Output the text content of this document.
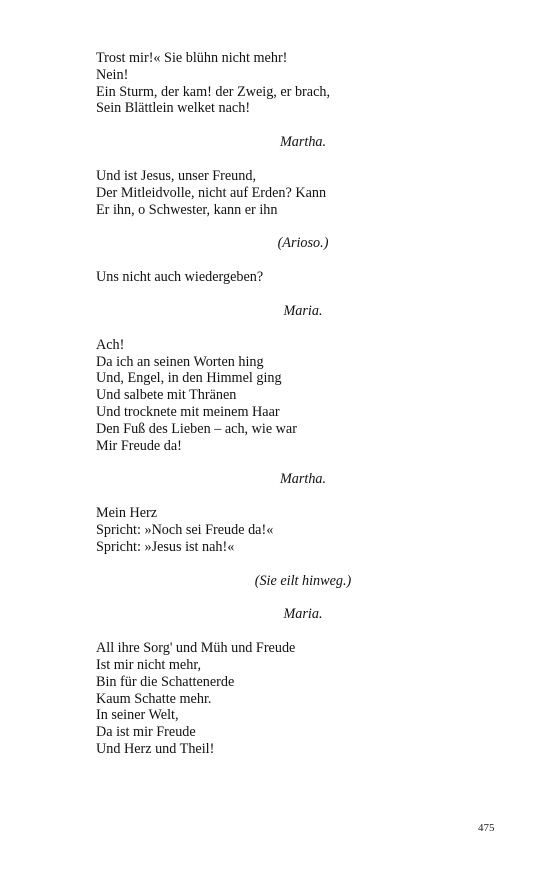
Trost mir!« Sie blühn nicht mehr!
Nein!
Ein Sturm, der kam! der Zweig, er brach,
Sein Blättlein welket nach!
Martha.
Und ist Jesus, unser Freund,
Der Mitleidvolle, nicht auf Erden? Kann
Er ihn, o Schwester, kann er ihn
(Arioso.)
Uns nicht auch wiedergeben?
Maria.
Ach!
Da ich an seinen Worten hing
Und, Engel, in den Himmel ging
Und salbete mit Thränen
Und trocknete mit meinem Haar
Den Fuß des Lieben – ach, wie war
Mir Freude da!
Martha.
Mein Herz
Spricht: »Noch sei Freude da!«
Spricht: »Jesus ist nah!«
(Sie eilt hinweg.)
Maria.
All ihre Sorg' und Müh und Freude
Ist mir nicht mehr,
Bin für die Schattenerde
Kaum Schatte mehr.
In seiner Welt,
Da ist mir Freude
Und Herz und Theil!
475
